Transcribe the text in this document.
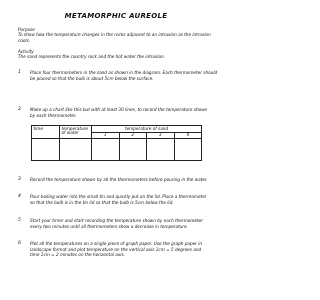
METAMORPHIC AUREOLE
Purpose
To show how the temperature changes in the rocks adjacent to an intrusion as the intrusion cools.
Activity
The sand represents the country rock and the hot water the intrusion.
1 Place four thermometers in the sand as shown in the diagram. Each thermometer should be placed so that the bulb is about 5cm below the surface.
2 Make up a chart like this but with at least 30 lines, to record the temperature shown by each thermometer.
time	temperature of water	temperature of sand			
		1	2	3	4

3 Record the temperature shown by all the thermometers before pouring in the water.
4 Pour boiling water into the small tin and quickly put on the lid. Place a thermometer so that the bulb is in the tin lid so that the bulb is 5cm below the lid.
5 Start your timer and start recording the temperature shown by each thermometer every two minutes until all thermometers show a decrease in temperature.
6 Plot all the temperatures on a single piece of graph paper. Use the graph paper in landscape format and plot temperature on the vertical axis 1cm = 5 degrees and time 1cm = 2 minutes on the horizontal axis.
